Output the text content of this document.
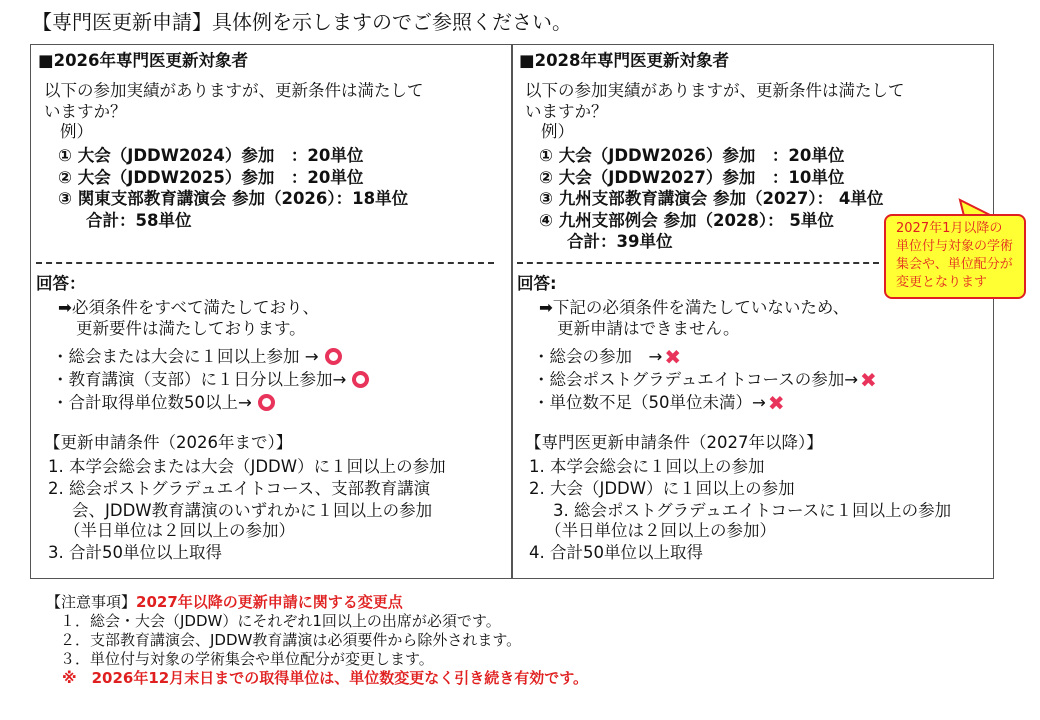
【専門医更新申請】具体例を示しますのでご参照ください。
■2026年専門医更新対象者
以下の参加実績がありますが、更新条件は満たして
いますか？
例）
① 大会（JDDW2024）参加　：20単位
② 大会（JDDW2025）参加　：20単位
③ 関東支部教育講演会 参加（2026）：18単位
合計：58単位
回答：
➡必須条件をすべて満たしており、
更新要件は満たしております。
・総会または大会に１回以上参加 →
・教育講演（支部）に１日分以上参加→
・合計取得単位数50以上→
【更新申請条件（2026年まで）】
1. 本学会総会または大会（JDDW）に１回以上の参加
2. 総会ポストグラデュエイトコース、支部教育講演
会、JDDW教育講演のいずれかに１回以上の参加
（半日単位は２回以上の参加）
3. 合計50単位以上取得
■2028年専門医更新対象者
以下の参加実績がありますが、更新条件は満たして
いますか？
例）
① 大会（JDDW2026）参加　：20単位
② 大会（JDDW2027）参加　：10単位
③ 九州支部教育講演会 参加（2027）： 4単位
④ 九州支部例会 参加（2028）： 5単位
合計：39単位
回答:
➡下記の必須条件を満たしていないため、
更新申請はできません。
・総会の参加　→ ✖
・総会ポストグラデュエイトコースの参加→ ✖
・単位数不足（50単位未満）→ ✖
【専門医更新申請条件（2027年以降）】
1. 本学会総会に１回以上の参加
2. 大会（JDDW）に１回以上の参加
3. 総会ポストグラデュエイトコースに１回以上の参加
（半日単位は２回以上の参加）
4. 合計50単位以上取得
2027年1月以降の
単位付与対象の学術
集会や、単位配分が
変更となります
【注意事項】2027年以降の更新申請に関する変更点
１．総会・大会（JDDW）にそれぞれ1回以上の出席が必須です。
２．支部教育講演会、JDDW教育講演は必須要件から除外されます。
３．単位付与対象の学術集会や単位配分が変更します。
※　2026年12月末日までの取得単位は、単位数変更なく引き続き有効です。
